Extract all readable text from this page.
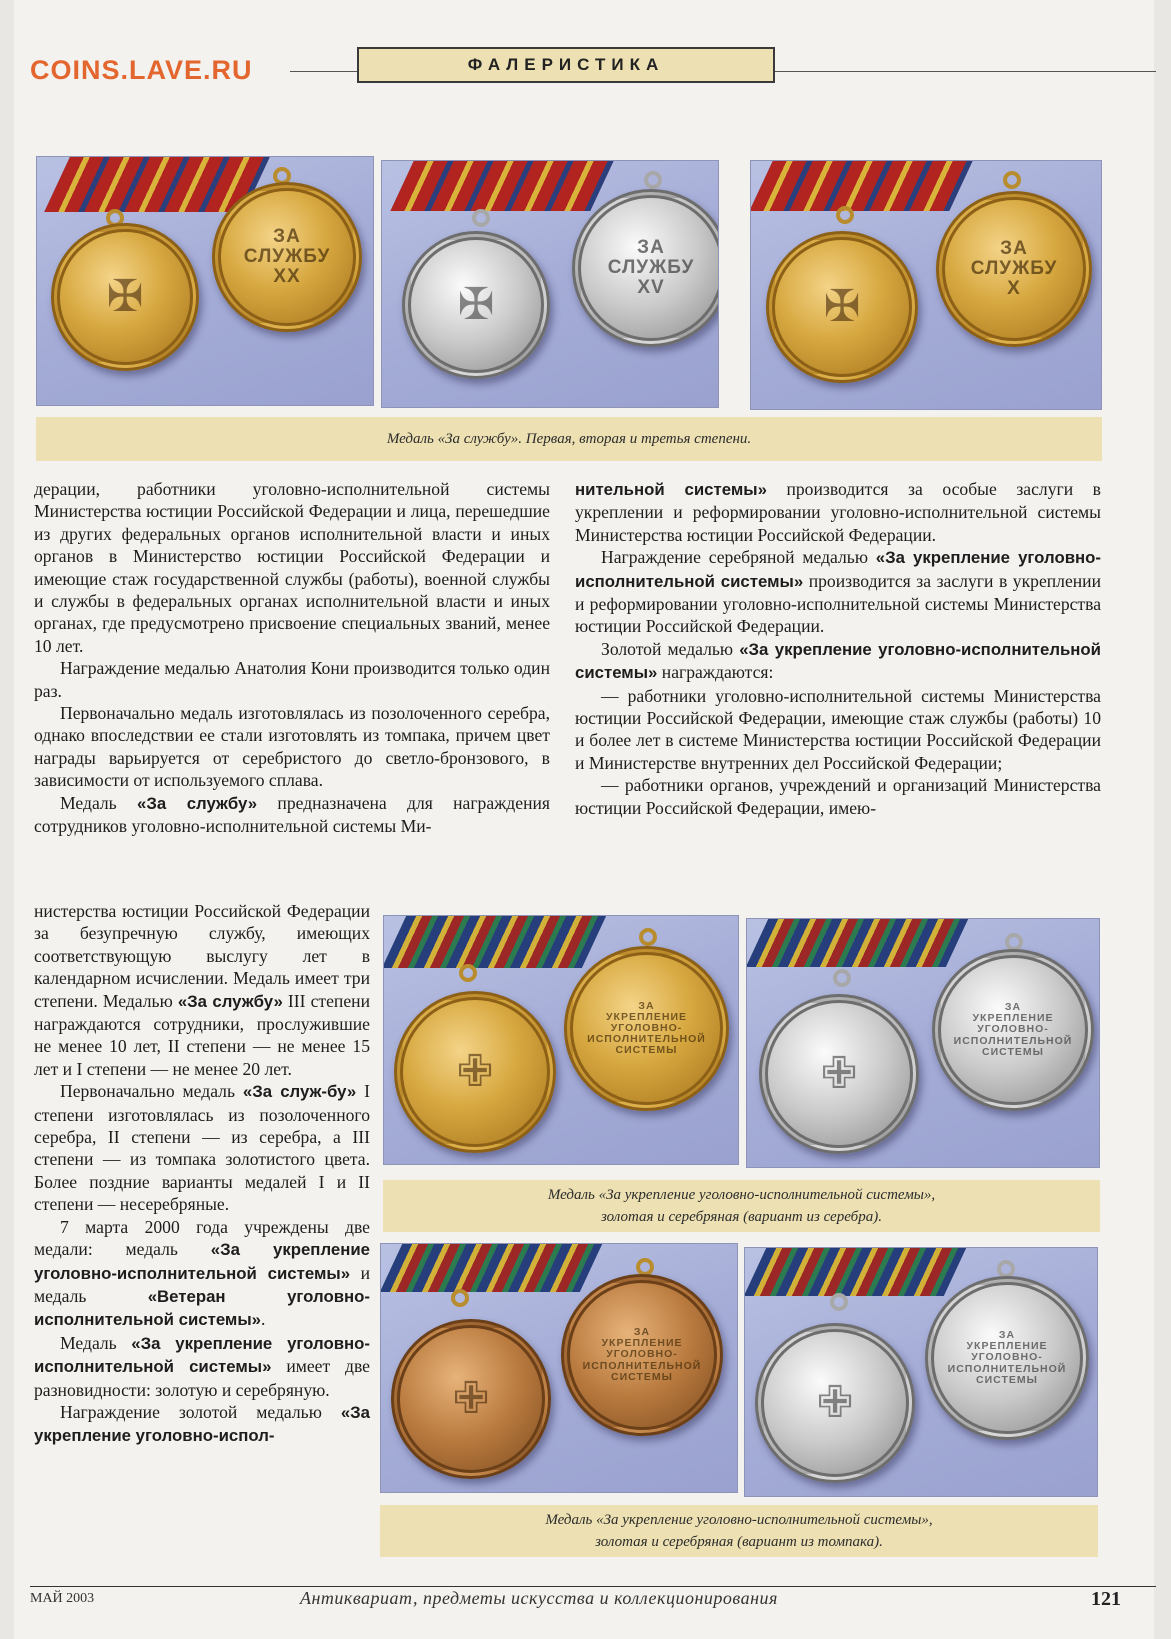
COINS.LAVE.RU	ФАЛЕРИСТИКА
✠
ЗА
СЛУЖБУ
XX
✠
ЗА
СЛУЖБУ
XV	✠
ЗА
СЛУЖБУ
X
Медаль «За службу». Первая, вторая и третья степени.

дерации, работники уголовно-исполнительной системы Министерства юстиции Российской Федерации и лица, перешедшие из других федеральных органов исполнительной власти и иных органов в Министерство юстиции Российской Федерации и имеющие стаж государственной службы (работы), военной службы и службы в федеральных органах исполнительной власти и иных органах, где предусмотрено присвоение специальных званий, менее 10 лет.

Награждение медалью Анатолия Кони производится только один раз.

Первоначально медаль изготовлялась из позолоченного серебра, однако впоследствии ее стали изготовлять из томпака, причем цвет награды варьируется от серебристого до светло-бронзового, в зависимости от используемого сплава.

Медаль «За службу» предназначена для награждения сотрудников уголовно-исполнительной системы Ми-

нистерства юстиции Российской Федерации за безупречную службу, имеющих соответствующую выслугу лет в календарном исчислении. Медаль имеет три степени. Медалью «За службу» III степени награждаются сотрудники, прослужившие не менее 10 лет, II степени — не менее 15 лет и I степени — не менее 20 лет.

Первоначально медаль «За служ-бу» I степени изготовлялась из позолоченного серебра, II степени — из серебра, а III степени — из томпака золотистого цвета. Более поздние варианты медалей I и II степени — несеребряные.

7 марта 2000 года учреждены две медали: медаль «За укрепление уголовно-исполнительной системы» и медаль «Ветеран уголовно-исполнительной системы».

Медаль «За укрепление уголовно-исполнительной системы» имеет две разновидности: золотую и серебряную.

Награждение золотой медалью «За укрепление уголовно-испол-

нительной системы» производится за особые заслуги в укреплении и реформировании уголовно-исполнительной системы Министерства юстиции Российской Федерации.

Награждение серебряной медалью «За укрепление уголовно-исполнительной системы» производится за заслуги в укреплении и реформировании уголовно-исполнительной системы Министерства юстиции Российской Федерации.

Золотой медалью «За укрепление уголовно-исполнительной системы» награждаются:

— работники уголовно-исполнительной системы Министерства юстиции Российской Федерации, имеющие стаж службы (работы) 10 и более лет в системе Министерства юстиции Российской Федерации и Министерстве внутренних дел Российской Федерации;

— работники органов, учреждений и организаций Министерства юстиции Российской Федерации, имею-

✙
ЗА
УКРЕПЛЕНИЕ
УГОЛОВНО-
ИСПОЛНИТЕЛЬНОЙ
СИСТЕМЫ	✙
ЗА
УКРЕПЛЕНИЕ
УГОЛОВНО-
ИСПОЛНИТЕЛЬНОЙ
СИСТЕМЫ
Медаль «За укрепление уголовно-исполнительной системы»,
золотая и серебряная (вариант из серебра).
✙
ЗА
УКРЕПЛЕНИЕ
УГОЛОВНО-
ИСПОЛНИТЕЛЬНОЙ
СИСТЕМЫ
✙
ЗА
УКРЕПЛЕНИЕ
УГОЛОВНО-
ИСПОЛНИТЕЛЬНОЙ
СИСТЕМЫ
Медаль «За укрепление уголовно-исполнительной системы»,
золотая и серебряная (вариант из томпака).
МАЙ 2003	Антиквариат, предметы искусства и коллекционирования	121
